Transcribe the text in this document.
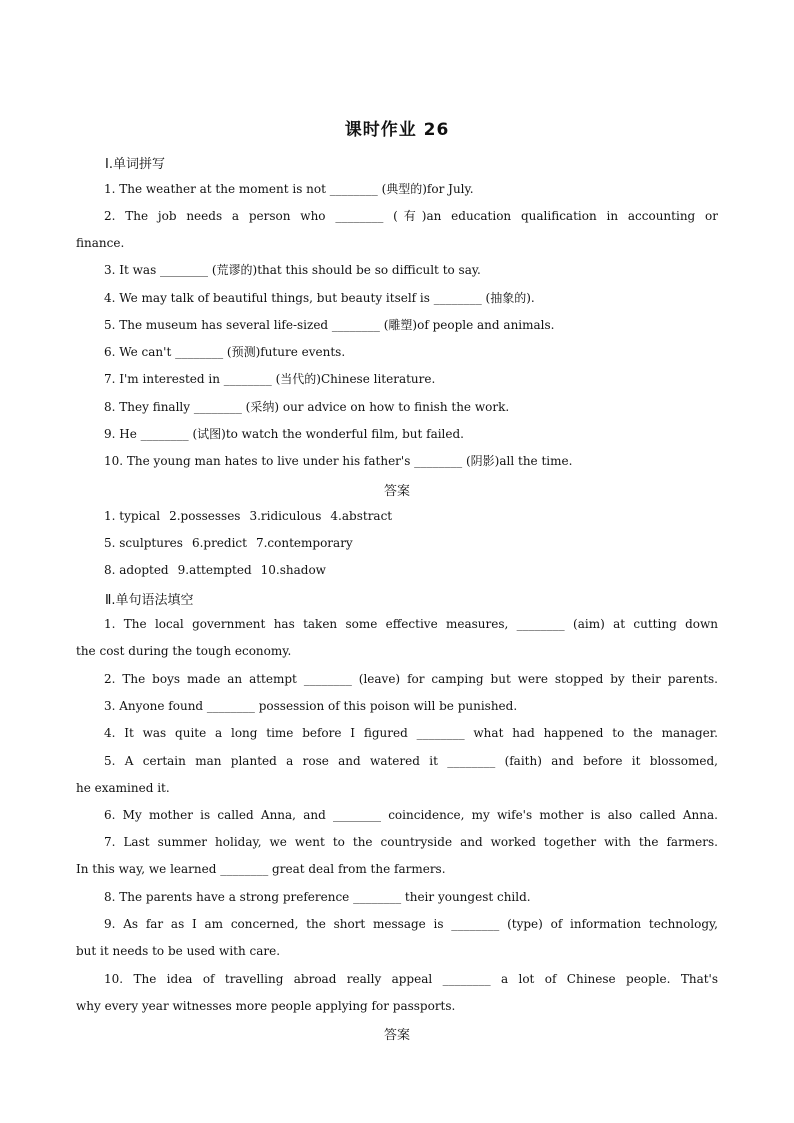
课时作业 26
Ⅰ.单词拼写
1. The weather at the moment is not ________ (典型的)for July.
2. The job needs a person who ________ (有)an education qualification in accounting or
finance.
3. It was ________ (荒谬的)that this should be so difficult to say.
4. We may talk of beautiful things, but beauty itself is ________ (抽象的).
5. The museum has several life-sized ________ (雕塑)of people and animals.
6. We can't ________ (预测)future events.
7. I'm interested in ________ (当代的)Chinese literature.
8. They finally ________ (采纳) our advice on how to finish the work.
9. He ________ (试图)to watch the wonderful film, but failed.
10. The young man hates to live under his father's ________ (阴影)all the time.
答案
1. typical 2.possesses 3.ridiculous 4.abstract
5. sculptures 6.predict 7.contemporary
8. adopted 9.attempted 10.shadow
Ⅱ.单句语法填空
1. The local government has taken some effective measures, ________ (aim) at cutting down
the cost during the tough economy.
2. The boys made an attempt ________ (leave) for camping but were stopped by their parents.
3. Anyone found ________ possession of this poison will be punished.
4. It was quite a long time before I figured ________ what had happened to the manager.
5. A certain man planted a rose and watered it ________ (faith) and before it blossomed,
he examined it.
6. My mother is called Anna, and ________ coincidence, my wife's mother is also called Anna.
7. Last summer holiday, we went to the countryside and worked together with the farmers.
In this way, we learned ________ great deal from the farmers.
8. The parents have a strong preference ________ their youngest child.
9. As far as I am concerned, the short message is ________ (type) of information technology,
but it needs to be used with care.
10. The idea of travelling abroad really appeal ________ a lot of Chinese people. That's
why every year witnesses more people applying for passports.
答案
